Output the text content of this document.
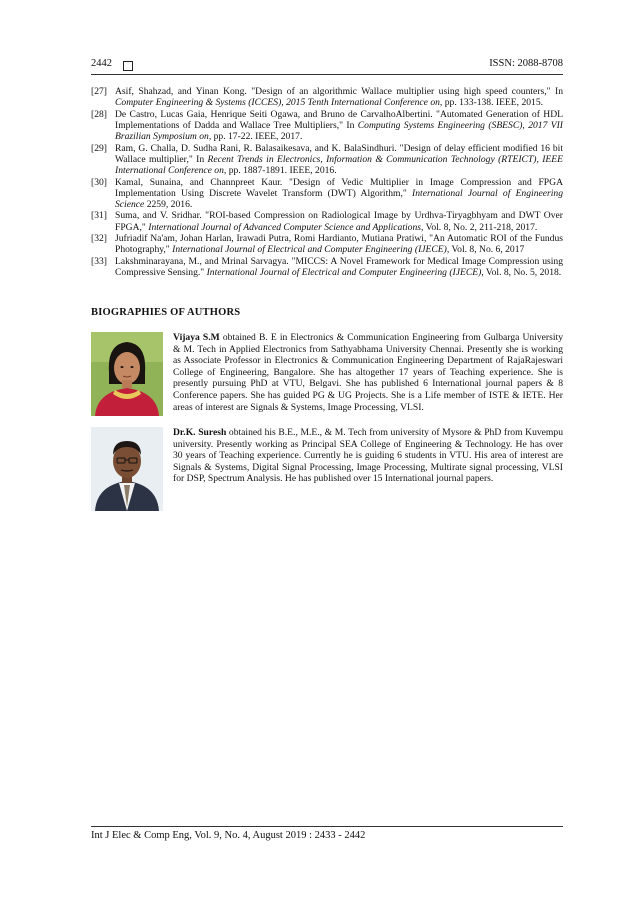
2442	ISSN: 2088-8708
[27] Asif, Shahzad, and Yinan Kong. "Design of an algorithmic Wallace multiplier using high speed counters," In Computer Engineering & Systems (ICCES), 2015 Tenth International Conference on, pp. 133-138. IEEE, 2015.
[28] De Castro, Lucas Gaia, Henrique Seiti Ogawa, and Bruno de CarvalhoAlbertini. "Automated Generation of HDL Implementations of Dadda and Wallace Tree Multipliers," In Computing Systems Engineering (SBESC), 2017 VII Brazilian Symposium on, pp. 17-22. IEEE, 2017.
[29] Ram, G. Challa, D. Sudha Rani, R. Balasaikesava, and K. BalaSindhuri. "Design of delay efficient modified 16 bit Wallace multiplier," In Recent Trends in Electronics, Information & Communication Technology (RTEICT), IEEE International Conference on, pp. 1887-1891. IEEE, 2016.
[30] Kamal, Sunaina, and Channpreet Kaur. "Design of Vedic Multiplier in Image Compression and FPGA Implementation Using Discrete Wavelet Transform (DWT) Algorithm," International Journal of Engineering Science 2259, 2016.
[31] Suma, and V. Sridhar. "ROI-based Compression on Radiological Image by Urdhva-Tiryagbhyam and DWT Over FPGA," International Journal of Advanced Computer Science and Applications, Vol. 8, No. 2, 211-218, 2017.
[32] Jufriadif Na'am, Johan Harlan, Irawadi Putra, Romi Hardianto, Mutiana Pratiwi, "An Automatic ROI of the Fundus Photography," International Journal of Electrical and Computer Engineering (IJECE), Vol. 8, No. 6, 2017
[33] Lakshminarayana, M., and Mrinal Sarvagya. "MICCS: A Novel Framework for Medical Image Compression using Compressive Sensing." International Journal of Electrical and Computer Engineering (IJECE), Vol. 8, No. 5, 2018.
BIOGRAPHIES OF AUTHORS
Vijaya S.M obtained B. E in Electronics & Communication Engineering from Gulbarga University & M. Tech in Applied Electronics from Sathyabhama University Chennai. Presently she is working as Associate Professor in Electronics & Communication Engineering Department of RajaRajeswari College of Engineering, Bangalore. She has altogether 17 years of Teaching experience. She is presently pursuing PhD at VTU, Belgavi. She has published 6 International journal papers & 8 Conference papers. She has guided PG & UG Projects. She is a Life member of ISTE & IETE. Her areas of interest are Signals & Systems, Image Processing, VLSI.
Dr.K. Suresh obtained his B.E., M.E., & M. Tech from university of Mysore & PhD from Kuvempu university. Presently working as Principal SEA College of Engineering & Technology. He has over 30 years of Teaching experience. Currently he is guiding 6 students in VTU. His area of interest are Signals & Systems, Digital Signal Processing, Image Processing, Multirate signal processing, VLSI for DSP, Spectrum Analysis. He has published over 15 International journal papers.
Int J Elec & Comp Eng, Vol. 9, No. 4, August 2019 : 2433 - 2442
